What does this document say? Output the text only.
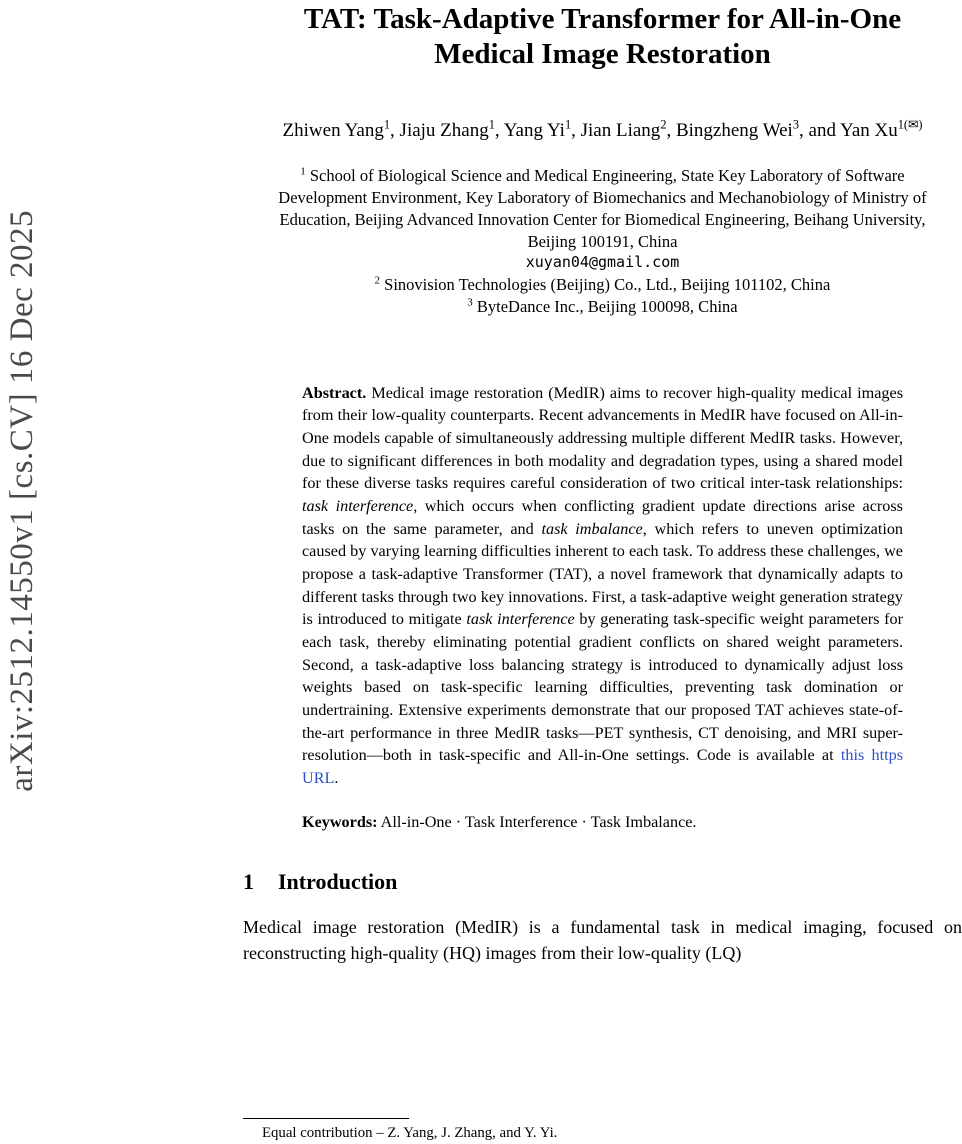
arXiv:2512.14550v1 [cs.CV] 16 Dec 2025
TAT: Task-Adaptive Transformer for All-in-One Medical Image Restoration
Zhiwen Yang$^1$, Jiaju Zhang$^1$, Yang Yi$^1$, Jian Liang$^2$, Bingzheng Wei$^3$, and Yan $Xu^{1(✉)}$
$^1$ School of Biological Science and Medical Engineering, State Key Laboratory of Software Development Environment, Key Laboratory of Biomechanics and Mechanobiology of Ministry of Education, Beijing Advanced Innovation Center for Biomedical Engineering, Beihang University, Beijing 100191, China
xuyan04@gmail.com
$^2$ Sinovision Technologies (Beijing) Co., Ltd., Beijing 101102, China
$^3$ ByteDance Inc., Beijing 100098, China
Abstract. Medical image restoration (MedIR) aims to recover high-quality medical images from their low-quality counterparts. Recent advancements in MedIR have focused on All-in-One models capable of simultaneously addressing multiple different MedIR tasks. However, due to significant differences in both modality and degradation types, using a shared model for these diverse tasks requires careful consideration of two critical inter-task relationships: task interference, which occurs when conflicting gradient update directions arise across tasks on the same parameter, and task imbalance, which refers to uneven optimization caused by varying learning difficulties inherent to each task. To address these challenges, we propose a task-adaptive Transformer (TAT), a novel framework that dynamically adapts to different tasks through two key innovations. First, a task-adaptive weight generation strategy is introduced to mitigate task interference by generating task-specific weight parameters for each task, thereby eliminating potential gradient conflicts on shared weight parameters. Second, a task-adaptive loss balancing strategy is introduced to dynamically adjust loss weights based on task-specific learning difficulties, preventing task domination or undertraining. Extensive experiments demonstrate that our proposed TAT achieves state-of-the-art performance in three MedIR tasks—PET synthesis, CT denoising, and MRI super-resolution—both in task-specific and All-in-One settings. Code is available at this https URL.
Keywords: All-in-One · Task Interference · Task Imbalance.
1 Introduction

Medical image restoration (MedIR) is a fundamental task in medical imaging, focused on reconstructing high-quality (HQ) images from their low-quality (LQ)

Equal contribution – Z. Yang, J. Zhang, and Y. Yi.
